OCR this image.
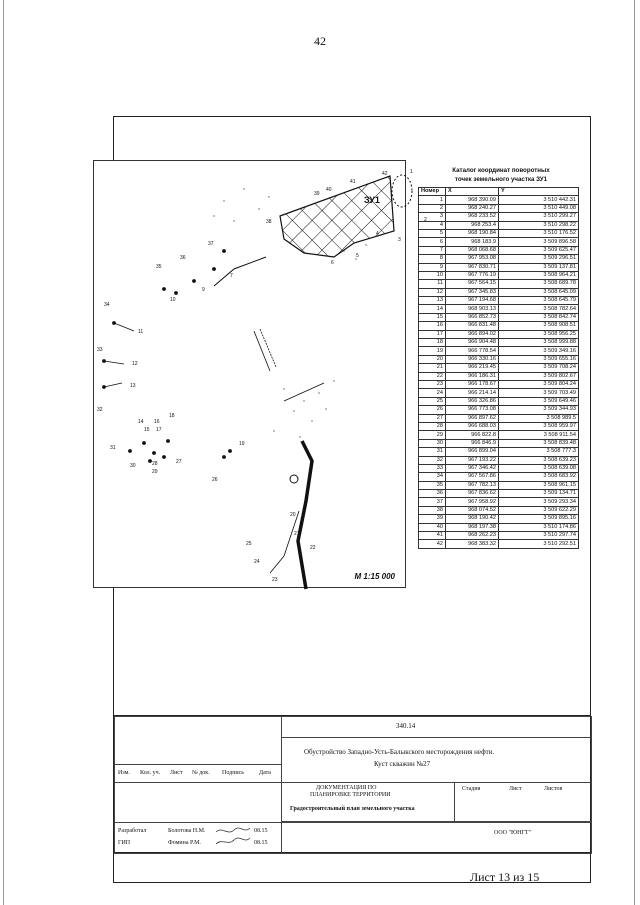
42
42	1
2
3
4
5
6
40
41
39
38
37
36
35
34
33
32
7
9
10
11
12
13
14
15
16
17
18
19
20
21
22
23
24
25
26
27
28
29
30
31
ЗУ1
М 1:15 000
Каталог координат поворотных
точек земельного участка ЗУ1
Номер	X	Y
1	968 390.09	3 510 442.31
2	968 240.27	3 510 449.08
3	968 233.52	3 510 299.27
4	968 253.4	3 510 298.22
5	968 190.84	3 510 176.52
6	968 183.9	3 509 896.58
7	968 068.68	3 509 625.47
8	967 953.08	3 509 296.51
9	967 830.71	3 509 137.81
10	967 776.19	3 508 964.21
11	967 564.15	3 508 689.78
12	967 345.83	3 508 645.09
13	967 194.68	3 508 645.79
14	968 903.13	3 508 782.64
15	966 852.73	3 508 842.74
16	966 831.48	3 508 908.51
17	966 894.02	3 508 956.25
18	966 904.48	3 508 999.88
19	966 778.54	3 509 349.16
20	966 330.16	3 509 655.16
21	966 219.45	3 509 708.24
22	966 186.31	3 509 802.67
23	966 178.67	3 509 804.24
24	966 214.14	3 509 703.49
25	966 326.86	3 509 649.46
26	966 773.08	3 509 344.93
27	966 897.62	3 508 989.5
28	966 688.03	3 508 959.97
29	966 822.8	3 508 911.54
30	966 846.9	3 508 839.48
31	966 899.04	3 508 777.3
32	967 193.22	3 508 639.23
33	967 346.42	3 508 639.08
34	967 567.86	3 508 683.92
35	967 782.13	3 508 961.15
36	967 836.62	3 509 134.71
37	967 958.92	3 509 293.34
38	968 074.52	3 509 622.29
39	968 190.42	3 509 895.16
40	968 197.38	3 510 174.86
41	968 262.23	3 510 297.74
42	968 383.32	3 510 292.51
340.14
Обустройство Западно-Усть-Балыкского месторождения нефти.
Куст скважин №27
Изм. Кол. уч. Лист № док. Подпись Дата
ДОКУМЕНТАЦИЯ ПО
ПЛАНИРОВКЕ ТЕРРИТОРИИ
Градостроительный план земельного участка
Стадия	Лист	Листов
Разработал	Болотова Н.М.	08.15
ГИП	Фомина Р.М.	08.15
ООО "ЮНГТ"
Лист 13 из 15
